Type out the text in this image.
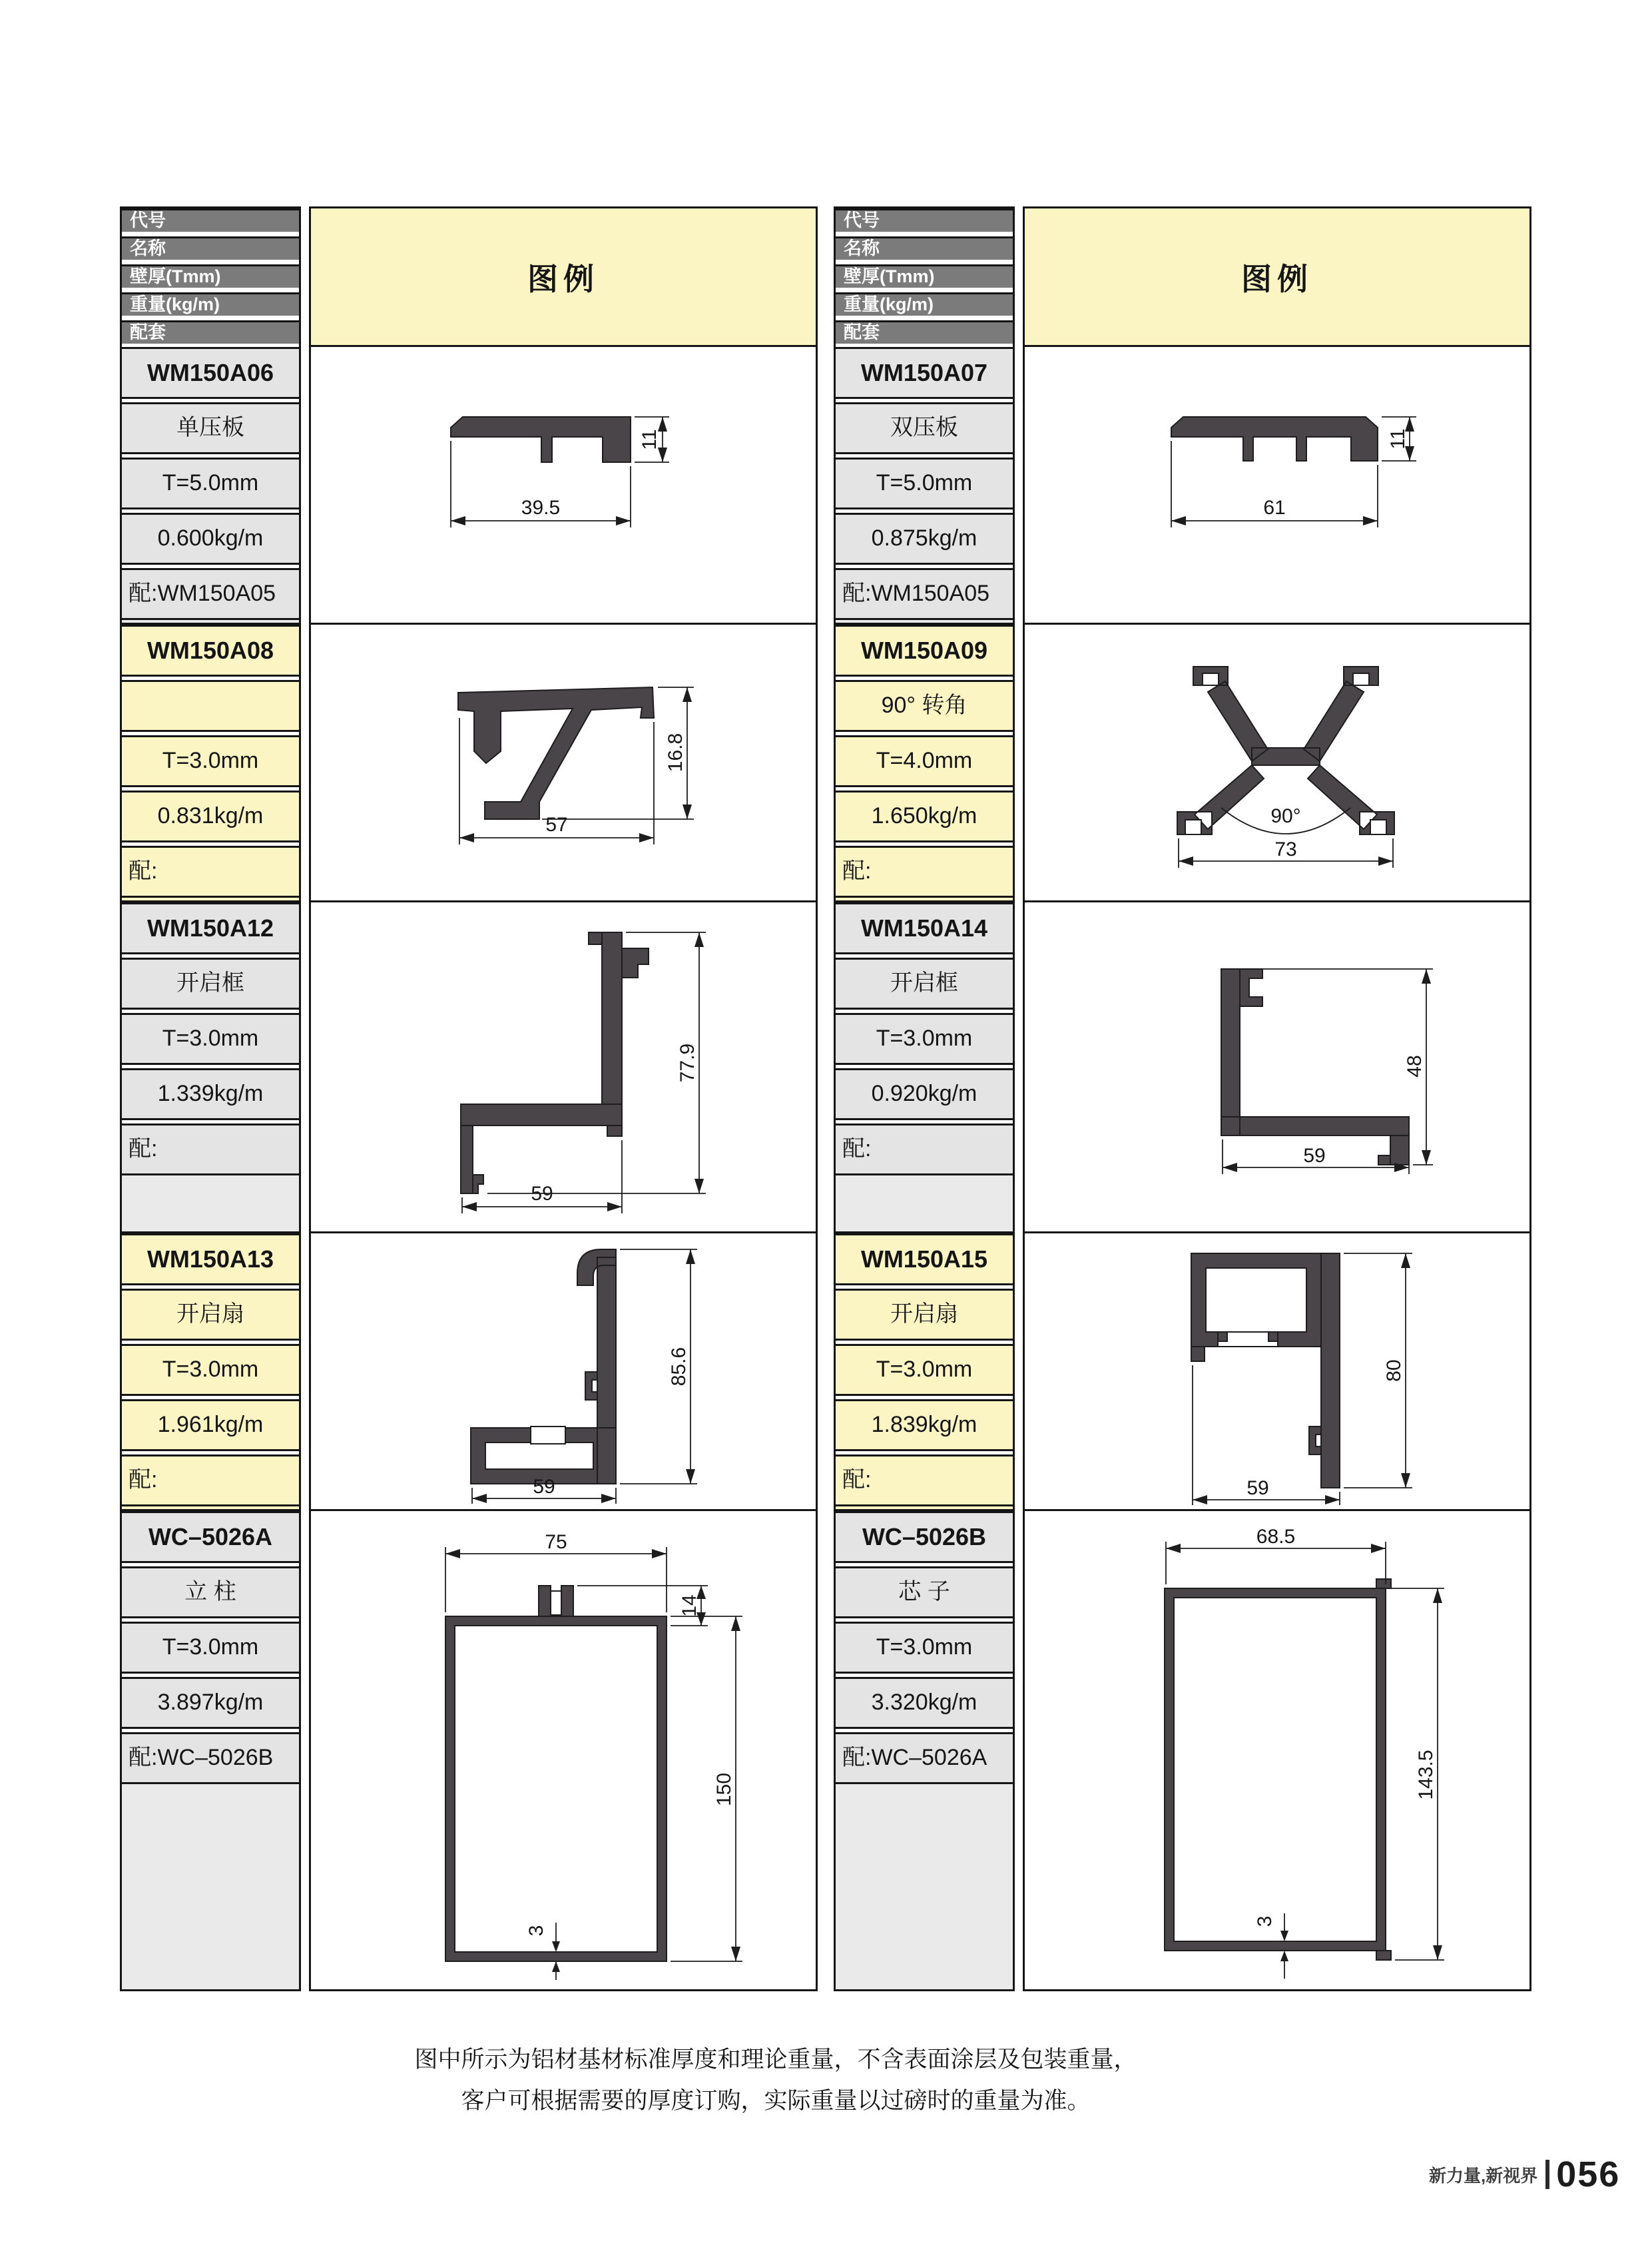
代号
名称
壁厚(Tmm)
重量(kg/m)
配套
WM150A06
单压板
T=5.0mm
0.600kg/m
配:WM150A05
WM150A08
T=3.0mm
0.831kg/m
配:
WM150A12
开启框
T=3.0mm
1.339kg/m
配:
WM150A13
开启扇
T=3.0mm
1.961kg/m
配:
WC–5026A
立 柱
T=3.0mm
3.897kg/m
配:WC–5026B
图例
39.5
11
57
16.8
59
77.9
59
85.6
75
14
150
3
代号
名称
壁厚(Tmm)
重量(kg/m)
配套
WM150A07
双压板
T=5.0mm
0.875kg/m
配:WM150A05
WM150A09
90° 转角
T=4.0mm
1.650kg/m
配:
WM150A14
开启框
T=3.0mm
0.920kg/m
配:
WM150A15
开启扇
T=3.0mm
1.839kg/m
配:
WC–5026B
芯 子
T=3.0mm
3.320kg/m
配:WC–5026A
图例
61
11
90°
73
59
48
59
80
68.5
143.5
3
图中所示为铝材基材标准厚度和理论重量，不含表面涂层及包装重量，
客户可根据需要的厚度订购，实际重量以过磅时的重量为准。
新力量,新视界 056
